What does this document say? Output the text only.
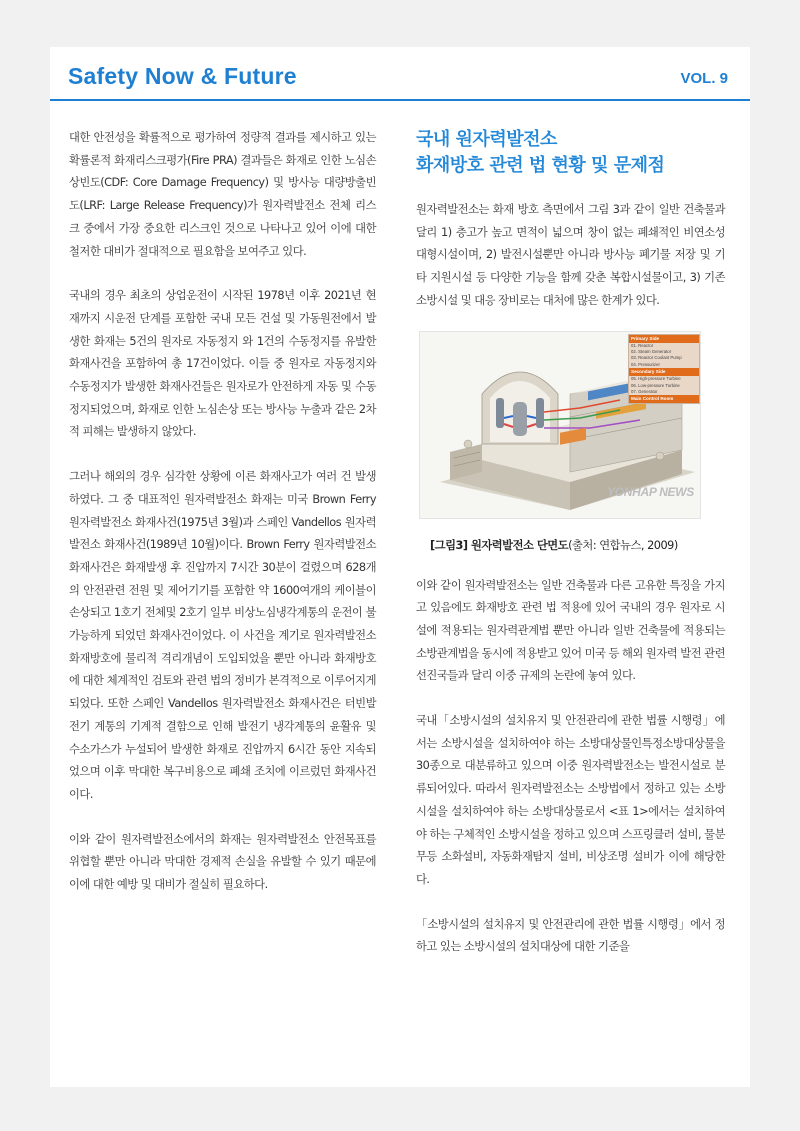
Safety Now & Future	VOL. 9

대한 안전성을 확률적으로 평가하여 정량적 결과를 제시하고 있는 확률론적 화재리스크평가(Fire PRA) 결과들은 화재로 인한 노심손상빈도(CDF: Core Damage Frequency) 및 방사능 대량방출빈도(LRF: Large Release Frequency)가 원자력발전소 전체 리스크 중에서 가장 중요한 리스크인 것으로 나타나고 있어 이에 대한 철저한 대비가 절대적으로 필요함을 보여주고 있다.

국내의 경우 최초의 상업운전이 시작된 1978년 이후 2021년 현재까지 시운전 단계를 포함한 국내 모든 건설 및 가동원전에서 발생한 화재는 5건의 원자로 자동정지 와 1건의 수동정지를 유발한 화재사건을 포함하여 총 17건이었다. 이들 중 원자로 자동정지와 수동정지가 발생한 화재사건들은 원자로가 안전하게 자동 및 수동 정지되었으며, 화재로 인한 노심손상 또는 방사능 누출과 같은 2차적 피해는 발생하지 않았다.

그러나 해외의 경우 심각한 상황에 이른 화재사고가 여러 건 발생하였다. 그 중 대표적인 원자력발전소 화재는 미국 Brown Ferry 원자력발전소 화재사건(1975년 3월)과 스페인 Vandellos 원자력발전소 화재사건(1989년 10월)이다. Brown Ferry 원자력발전소 화재사건은 화재발생 후 진압까지 7시간 30분이 걸렸으며 628개의 안전관련 전원 및 제어기기를 포함한 약 1600여개의 케이블이 손상되고 1호기 전체및 2호기 일부 비상노심냉각계통의 운전이 불가능하게 되었던 화재사건이었다. 이 사건을 계기로 원자력발전소 화재방호에 물리적 격리개념이 도입되었을 뿐만 아니라 화재방호에 대한 체계적인 검토와 관련 법의 정비가 본격적으로 이루어지게 되었다. 또한 스페인 Vandellos 원자력발전소 화재사건은 터빈발전기 계통의 기계적 결함으로 인해 발전기 냉각계통의 윤활유 및 수소가스가 누설되어 발생한 화재로 진압까지 6시간 동안 지속되었으며 이후 막대한 복구비용으로 폐쇄 조치에 이르렀던 화재사건이다.

이와 같이 원자력발전소에서의 화재는 원자력발전소 안전목표를 위협할 뿐만 아니라 막대한 경제적 손실을 유발할 수 있기 때문에 이에 대한 예방 및 대비가 절실히 필요하다.

국내 원자력발전소
화재방호 관련 법 현황 및 문제점

원자력발전소는 화재 방호 측면에서 그림 3과 같이 일반 건축물과 달리 1) 층고가 높고 면적이 넓으며 창이 없는 폐쇄적인 비연소성 대형시설이며, 2) 발전시설뿐만 아니라 방사능 폐기물 저장 및 기타 지원시설 등 다양한 기능을 함께 갖춘 복합시설물이고, 3) 기존 소방시설 및 대응 장비로는 대처에 많은 한계가 있다.

Primary Side
01. Reactor
02. Steam Generator
03. Reactor Coolant Pump
04. Pressurizer
Secondary Side
05. High-pressure Turbine
06. Low-pressure Turbine
07. Generator
Main Control Room
YONHAP NEWS
[그림3] 원자력발전소 단면도(출처: 연합뉴스, 2009)

이와 같이 원자력발전소는 일반 건축물과 다른 고유한 특징을 가지고 있음에도 화재방호 관련 법 적용에 있어 국내의 경우 원자로 시설에 적용되는 원자력관계법 뿐만 아니라 일반 건축물에 적용되는 소방관계법을 동시에 적용받고 있어 미국 등 해외 원자력 발전 관련 선진국들과 달리 이중 규제의 논란에 놓여 있다.

국내「소방시설의 설치유지 및 안전관리에 관한 법률 시행령」에서는 소방시설을 설치하여야 하는 소방대상물인특정소방대상물을 30종으로 대분류하고 있으며 이중 원자력발전소는 발전시설로 분류되어있다. 따라서 원자력발전소는 소방법에서 정하고 있는 소방시설을 설치하여야 하는 소방대상물로서 <표 1>에서는 설치하여야 하는 구체적인 소방시설을 정하고 있으며 스프링클러 설비, 물분무등 소화설비, 자동화재탐지 설비, 비상조명 설비가 이에 해당한다.

「소방시설의 설치유지 및 안전관리에 관한 법률 시행령」에서 정하고 있는 소방시설의 설치대상에 대한 기준을
